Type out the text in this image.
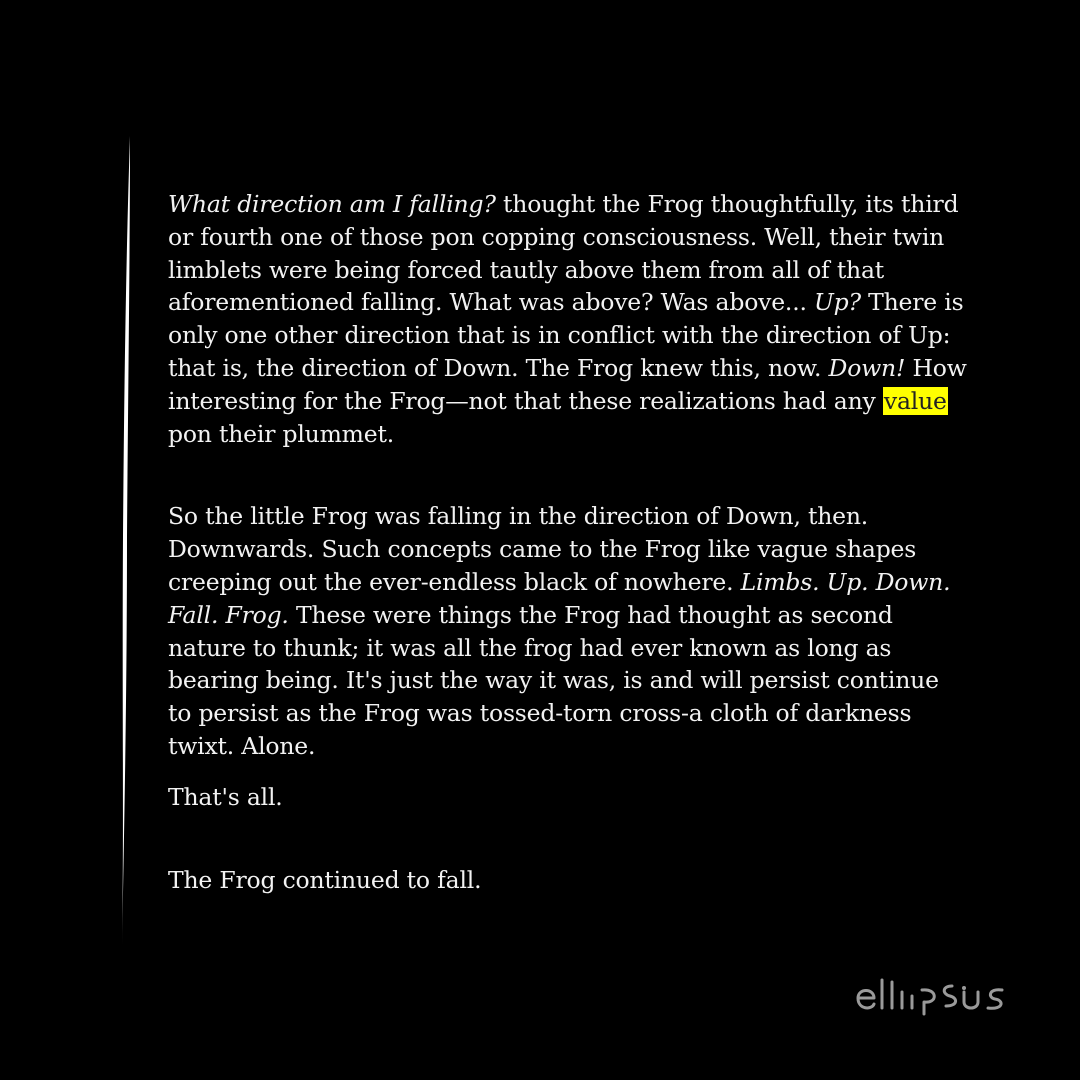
What direction am I falling? thought the Frog thoughtfully, its third or fourth one of those pon copping consciousness. Well, their twin limblets were being forced tautly above them from all of that aforementioned falling. What was above? Was above... Up? There is only one other direction that is in conflict with the direction of Up: that is, the direction of Down. The Frog knew this, now. Down! How interesting for the Frog—not that these realizations had any value pon their plummet.

So the little Frog was falling in the direction of Down, then. Downwards. Such concepts came to the Frog like vague shapes creeping out the ever-endless black of nowhere. Limbs. Up. Down. Fall. Frog. These were things the Frog had thought as second nature to thunk; it was all the frog had ever known as long as bearing being. It's just the way it was, is and will persist continue to persist as the Frog was tossed-torn cross-a cloth of darkness twixt. Alone.

That's all.

The Frog continued to fall.
